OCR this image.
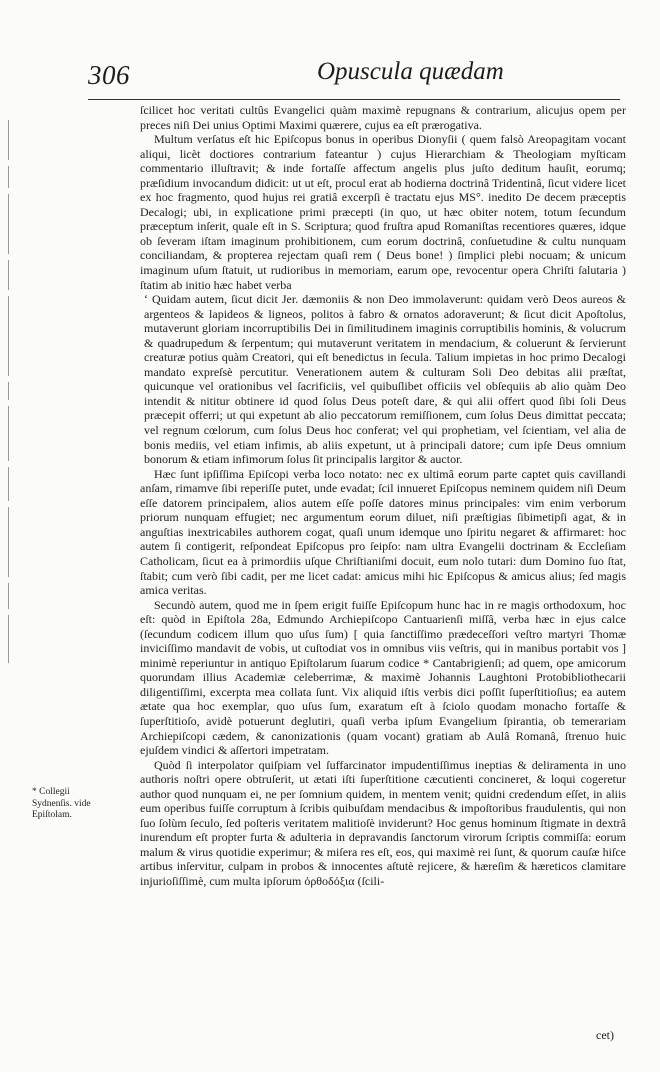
306	Opuscula quædam

ſcilicet hoc veritati cultûs Evangelici quàm maximè repugnans & contrarium, alicujus opem per preces niſi Dei unius Optimi Maximi quærere, cujus ea eſt prærogativa.

Multum verſatus eſt hic Epiſcopus bonus in operibus Dionyſii ( quem falsò Areopagitam vocant aliqui, licèt doctiores contrarium fateantur ) cujus Hierarchiam & Theologiam myſticam commentario illuſtravit; & inde fortaſſe affectum angelis plus juſto deditum hauſit, eorumq; præſidium invocandum didicit: ut ut eſt, procul erat ab hodierna doctrinâ Tridentinâ, ſicut videre licet ex hoc fragmento, quod hujus rei gratiâ excerpſi è tractatu ejus MS°. inedito De decem præceptis Decalogi; ubi, in explicatione primi præcepti (in quo, ut hæc obiter notem, totum ſecundum præceptum inſerit, quale eſt in S. Scriptura; quod fruſtra apud Romaniſtas recentiores quæres, idque ob ſeveram iſtam imaginum prohibitionem, cum eorum doctrinâ, conſuetudine & cultu nunquam conciliandam, & propterea rejectam quaſi rem ( Deus bone! ) ſimplici plebi nocuam; & unicum imaginum uſum ſtatuit, ut rudioribus in memoriam, earum ope, revocentur opera Chriſti ſalutaria ) ſtatim ab initio hæc habet verba

‘ Quidam autem, ſicut dicit Jer. dæmoniis & non Deo immolaverunt: quidam verò Deos aureos & argenteos & lapideos & ligneos, politos à fabro & ornatos adoraverunt; & ſicut dicit Apoſtolus, mutaverunt gloriam incorruptibilis Dei in ſimilitudinem imaginis corruptibilis hominis, & volucrum & quadrupedum & ſerpentum; qui mutaverunt veritatem in mendacium, & coluerunt & ſervierunt creaturæ potius quàm Creatori, qui eſt benedictus in ſecula. Talium impietas in hoc primo Decalogi mandato expreſsè percutitur. Venerationem autem & culturam Soli Deo debitas alii præſtat, quicunque vel orationibus vel ſacrificiis, vel quibuſlibet officiis vel obſequiis ab alio quàm Deo intendit & nititur obtinere id quod ſolus Deus poteſt dare, & qui alii offert quod ſibi ſoli Deus præcepit offerri; ut qui expetunt ab alio peccatorum remiſſionem, cum ſolus Deus dimittat peccata; vel regnum cœlorum, cum ſolus Deus hoc conferat; vel qui prophetiam, vel ſcientiam, vel alia de bonis mediis, vel etiam infimis, ab aliis expetunt, ut à principali datore; cum ipſe Deus omnium bonorum & etiam infimorum ſolus ſit principalis largitor & auctor.

Hæc ſunt ipſiſſima Epiſcopi verba loco notato: nec ex ultimâ eorum parte captet quis cavillandi anſam, rimamve ſibi reperiſſe putet, unde evadat; ſcil innueret Epiſcopus neminem quidem niſi Deum eſſe datorem principalem, alios autem eſſe poſſe datores minus principales: vim enim verborum priorum nunquam effugiet; nec argumentum eorum diluet, niſi præſtigias ſibimetipſi agat, & in anguſtias inextricabiles authorem cogat, quaſi unum idemque uno ſpiritu negaret & affirmaret: hoc autem ſi contigerit, reſpondeat Epiſcopus pro ſeipſo: nam ultra Evangelii doctrinam & Eccleſiam Catholicam, ſicut ea à primordiis uſque Chriſtianiſmi docuit, eum nolo tutari: dum Domino ſuo ſtat, ſtabit; cum verò ſibi cadit, per me licet cadat: amicus mihi hic Epiſcopus & amicus alius; ſed magis amica veritas.

Secundò autem, quod me in ſpem erigit fuiſſe Epiſcopum hunc hac in re magis orthodoxum, hoc eſt: quòd in Epiſtola 28a, Edmundo Archiepiſcopo Cantuarienſi miſſâ, verba hæc in ejus calce (ſecundum codicem illum quo uſus ſum) [ quia ſanctiſſimo prædeceſſori veſtro martyri Thomæ inviciſſimo mandavit de vobis, ut cuſtodiat vos in omnibus viis veſtris, qui in manibus portabit vos ] minimè reperiuntur in antiquo Epiſtolarum ſuarum codice * Cantabrigienſi; ad quem, ope amicorum quorundam illius Academiæ celeberrimæ, & maximè Johannis Laughtoni Protobibliothecarii diligentiſſimi, excerpta mea collata ſunt. Vix aliquid iſtis verbis dici poſſit ſuperſtitioſius; ea autem ætate qua hoc exemplar, quo uſus ſum, exaratum eſt à ſciolo quodam monacho fortaſſe & ſuperſtitioſo, avidè potuerunt deglutiri, quaſi verba ipſum Evangelium ſpirantia, ob temerariam Archiepiſcopi cædem, & canonizationis (quam vocant) gratiam ab Aulâ Romanâ, ſtrenuo huic ejuſdem vindici & aſſertori impetratam.

Quòd ſi interpolator quiſpiam vel ſuffarcinator impudentiſſimus ineptias & deliramenta in uno authoris noſtri opere obtruſerit, ut ætati iſti ſuperſtitione cæcutienti concineret, & loqui cogeretur author quod nunquam ei, ne per ſomnium quidem, in mentem venit; quidni credendum eſſet, in aliis eum operibus fuiſſe corruptum à ſcribis quibuſdam mendacibus & impoſtoribus fraudulentis, qui non ſuo ſolùm ſeculo, ſed poſteris veritatem malitioſè inviderunt? Hoc genus hominum ſtigmate in dextrâ inurendum eſt propter furta & adulteria in depravandis ſanctorum virorum ſcriptis commiſſa: eorum malum & virus quotidie experimur; & miſera res eſt, eos, qui maximè rei ſunt, & quorum cauſæ hiſce artibus inſervitur, culpam in probos & innocentes aſtutè rejicere, & hæreſim & hæreticos clamitare injurioſiſſimè, cum multa ipſorum ὀρθοδόξια (ſcili-

cet)
* Collegii Sydnenſis. vide Epiſtolam.
